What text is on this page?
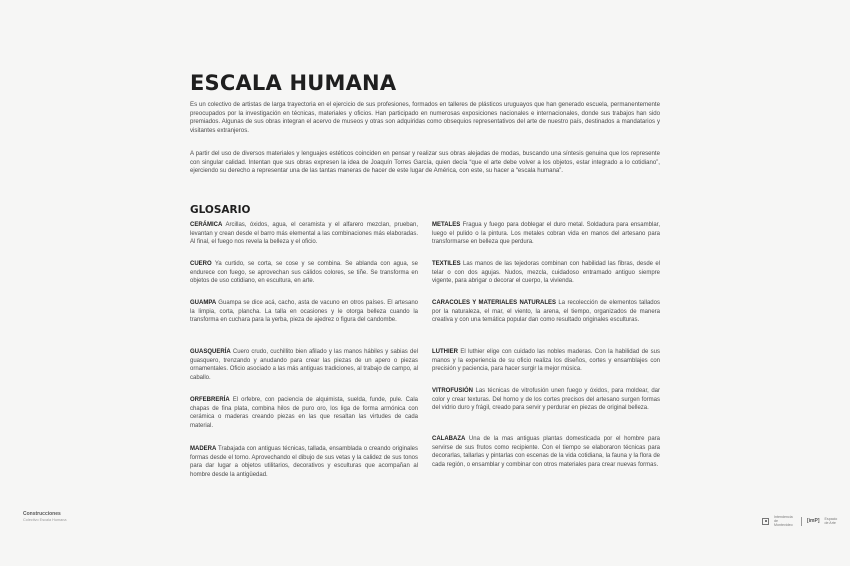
ESCALA HUMANA

Es un colectivo de artistas de larga trayectoria en el ejercicio de sus profesiones, formados en talleres de plásticos uruguayos que han generado escuela, permanentemente preocupados por la investigación en técnicas, materiales y oficios. Han participado en numerosas exposiciones nacionales e internacionales, donde sus trabajos han sido premiados. Algunas de sus obras integran el acervo de museos y otras son adquiridas como obsequios representativos del arte de nuestro país, destinados a mandatarios y visitantes extranjeros.

A partir del uso de diversos materiales y lenguajes estéticos coinciden en pensar y realizar sus obras alejadas de modas, buscando una síntesis genuina que los represente con singular calidad. Intentan que sus obras expresen la idea de Joaquín Torres García, quien decía “que el arte debe volver a los objetos, estar integrado a lo cotidiano”, ejerciendo su derecho a representar una de las tantas maneras de hacer de este lugar de América, con este, su hacer a “escala humana”.

GLOSARIO

CERÁMICA Arcillas, óxidos, agua, el ceramista y el alfarero mezclan, prueban, levantan y crean desde el barro más elemental a las combinaciones más elaboradas. Al final, el fuego nos revela la belleza y el oficio.

CUERO Ya curtido, se corta, se cose y se combina. Se ablanda con agua, se endurece con fuego, se aprovechan sus cálidos colores, se tiñe. Se transforma en objetos de uso cotidiano, en escultura, en arte.

GUAMPA Guampa se dice acá, cacho, asta de vacuno en otros países. El artesano la limpia, corta, plancha. La talla en ocasiones y le otorga belleza cuando la transforma en cuchara para la yerba, pieza de ajedrez o figura del candombe.

GUASQUERÍA Cuero crudo, cuchillito bien afilado y las manos hábiles y sabias del guasquero, trenzando y anudando para crear las piezas de un apero o piezas ornamentales. Oficio asociado a las más antiguas tradiciones, al trabajo de campo, al caballo.

ORFEBRERÍA El orfebre, con paciencia de alquimista, suelda, funde, pule. Cala chapas de fina plata, combina hilos de puro oro, los liga de forma armónica con cerámica o maderas creando piezas en las que resaltan las virtudes de cada material.

MADERA Trabajada con antiguas técnicas, tallada, ensamblada o creando originales formas desde el torno. Aprovechando el dibujo de sus vetas y la calidez de sus tonos para dar lugar a objetos utilitarios, decorativos y esculturas que acompañan al hombre desde la antigüedad.

METALES Fragua y fuego para doblegar el duro metal. Soldadura para ensamblar, luego el pulido o la pintura. Los metales cobran vida en manos del artesano para transformarse en belleza que perdura.

TEXTILES Las manos de las tejedoras combinan con habilidad las fibras, desde el telar o con dos agujas. Nudos, mezcla, cuidadoso entramado antiguo siempre vigente, para abrigar o decorar el cuerpo, la vivienda.

CARACOLES Y MATERIALES NATURALES La recolección de elementos tallados por la naturaleza, el mar, el viento, la arena, el tiempo, organizados de manera creativa y con una temática popular dan como resultado originales esculturas.

LUTHIER El luthier elige con cuidado las nobles maderas. Con la habilidad de sus manos y la experiencia de su oficio realiza los diseños, cortes y ensamblajes con precisión y paciencia, para hacer surgir la mejor música.

VITROFUSIÓN Las técnicas de vitrofusión unen fuego y óxidos, para moldear, dar color y crear texturas. Del horno y de los cortes precisos del artesano surgen formas del vidrio duro y frágil, creado para servir y perdurar en piezas de original belleza.

CALABAZA Una de la mas antiguas plantas domesticada por el hombre para servirse de sus frutos como recipiente. Con el tiempo se elaboraron técnicas para decorarlas, tallarlas y pintarlas con escenas de la vida cotidiana, la fauna y la flora de cada región, o ensamblar y combinar con otros materiales para crear nuevas formas.

Construcciones
Colectivo Escala Humana
Intendencia de Montevideo
[imP] Espacio de Arte
